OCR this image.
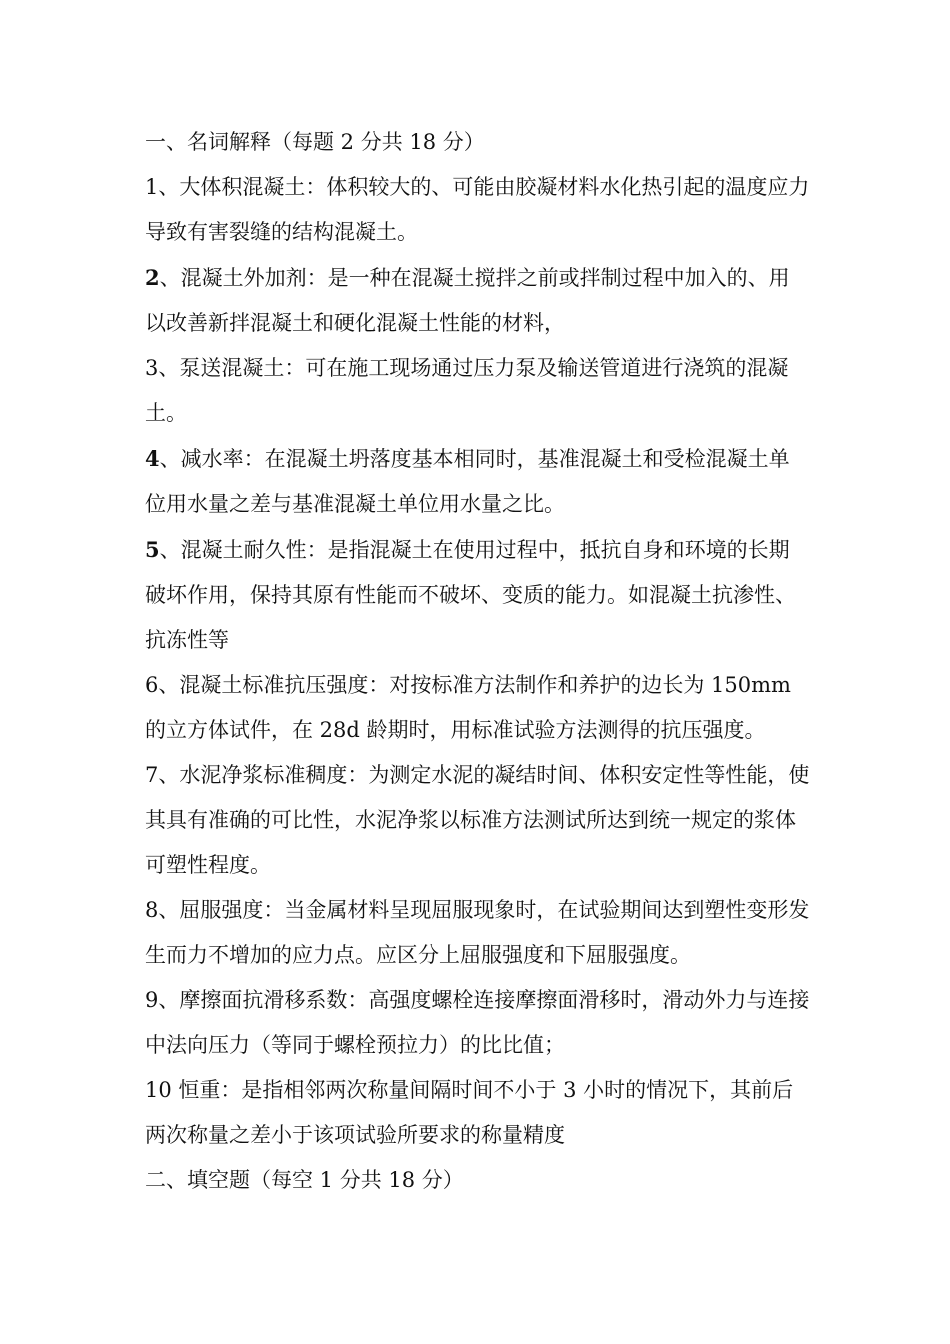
一、名词解释（每题 2 分共 18 分）

1、大体积混凝土：体积较大的、可能由胶凝材料水化热引起的温度应力导致有害裂缝的结构混凝土。

2、混凝土外加剂：是一种在混凝土搅拌之前或拌制过程中加入的、用以改善新拌混凝土和硬化混凝土性能的材料，

3、泵送混凝土：可在施工现场通过压力泵及输送管道进行浇筑的混凝土。

4、减水率：在混凝土坍落度基本相同时，基准混凝土和受检混凝土单位用水量之差与基准混凝土单位用水量之比。

5、混凝土耐久性：是指混凝土在使用过程中，抵抗自身和环境的长期破坏作用，保持其原有性能而不破坏、变质的能力。如混凝土抗渗性、抗冻性等

6、混凝土标准抗压强度：对按标准方法制作和养护的边长为 150mm 的立方体试件，在 28d 龄期时，用标准试验方法测得的抗压强度。

7、水泥净浆标准稠度：为测定水泥的凝结时间、体积安定性等性能，使其具有准确的可比性，水泥净浆以标准方法测试所达到统一规定的浆体可塑性程度。

8、屈服强度：当金属材料呈现屈服现象时，在试验期间达到塑性变形发生而力不增加的应力点。应区分上屈服强度和下屈服强度。

9、摩擦面抗滑移系数：高强度螺栓连接摩擦面滑移时，滑动外力与连接中法向压力（等同于螺栓预拉力）的比比值；

10 恒重：是指相邻两次称量间隔时间不小于 3 小时的情况下，其前后两次称量之差小于该项试验所要求的称量精度

二、填空题（每空 1 分共 18 分）
